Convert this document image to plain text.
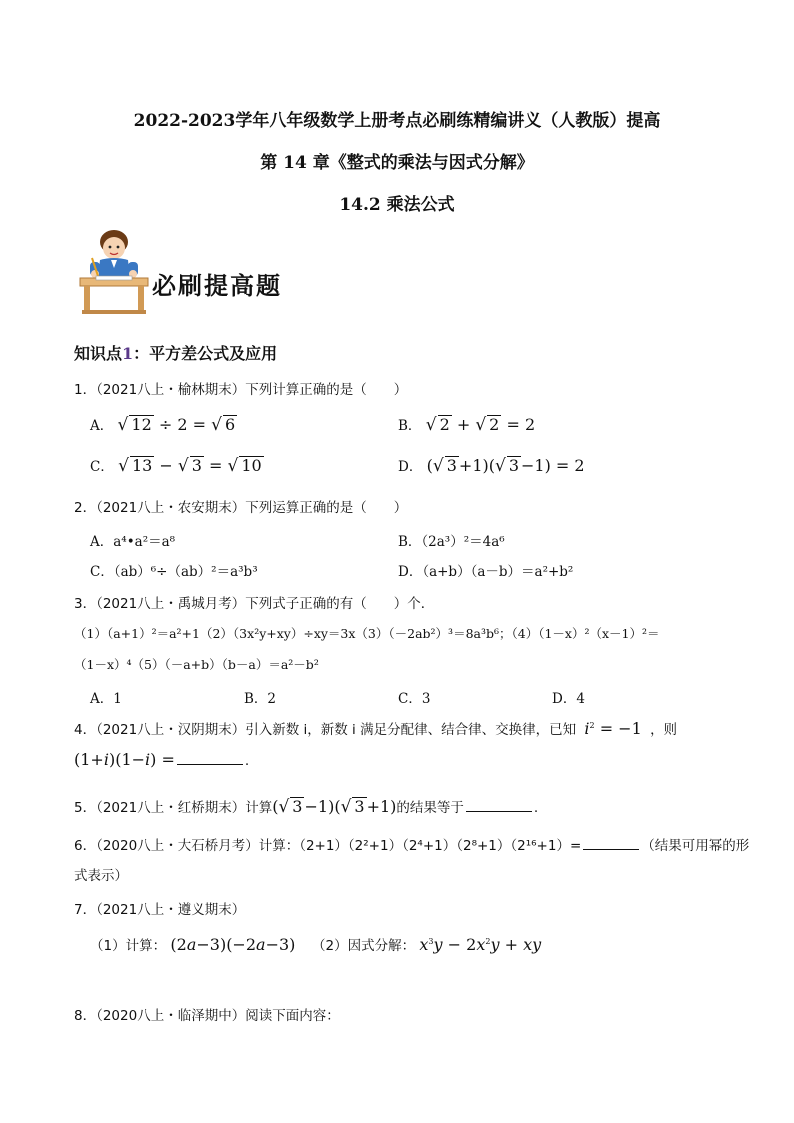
2022-2023学年八年级数学上册考点必刷练精编讲义（人教版）提高
第 14 章《整式的乘法与因式分解》
14.2 乘法公式
必刷提高题
知识点1：平方差公式及应用
1．（2021八上・榆林期末）下列计算正确的是（　　）
A． √ 12 ÷ 2 = √ 6	B． √ 2 + √ 2 = 2
C． √ 13 − √ 3 = √ 10	D． (√ 3 +1)(√ 3 −1) = 2
2．（2021八上・农安期末）下列运算正确的是（　　）
A．a⁴•a²＝a⁸	B．（2a³）²＝4a⁶
C．（ab）⁶÷（ab）²＝a³b³	D．（a+b）（a－b）＝a²+b²
3．（2021八上・禹城月考）下列式子正确的有（　　）个．
（1）（a+1）²＝a²+1（2）（3x²y+xy）÷xy＝3x（3）（－2ab²）³＝8a³b⁶；（4）（1－x）²（x－1）²＝
（1－x）⁴（5）（－a+b）（b－a）＝a²－b²
A．1	B．2	C．3	D．4
4．（2021八上・汉阴期末）引入新数 i，新数 i 满足分配律、结合律、交换律，已知 $i^2 = -1$ ，则
(1+i)(1−i) =	.
5．（2021八上・红桥期末）计算(√ 3 −1)(√ 3 +1)的结果等于	.
6．（2020八上・大石桥月考）计算：（2+1）（2²+1）（2⁴+1）（2⁸+1）（2¹⁶+1）=	（结果可用幂的形
式表示）
7．（2021八上・遵义期末）
（1）计算： (2a−3)(−2a−3) （2）因式分解： $x^3y - 2x^2y$ + xy
8．（2020八上・临泽期中）阅读下面内容：
